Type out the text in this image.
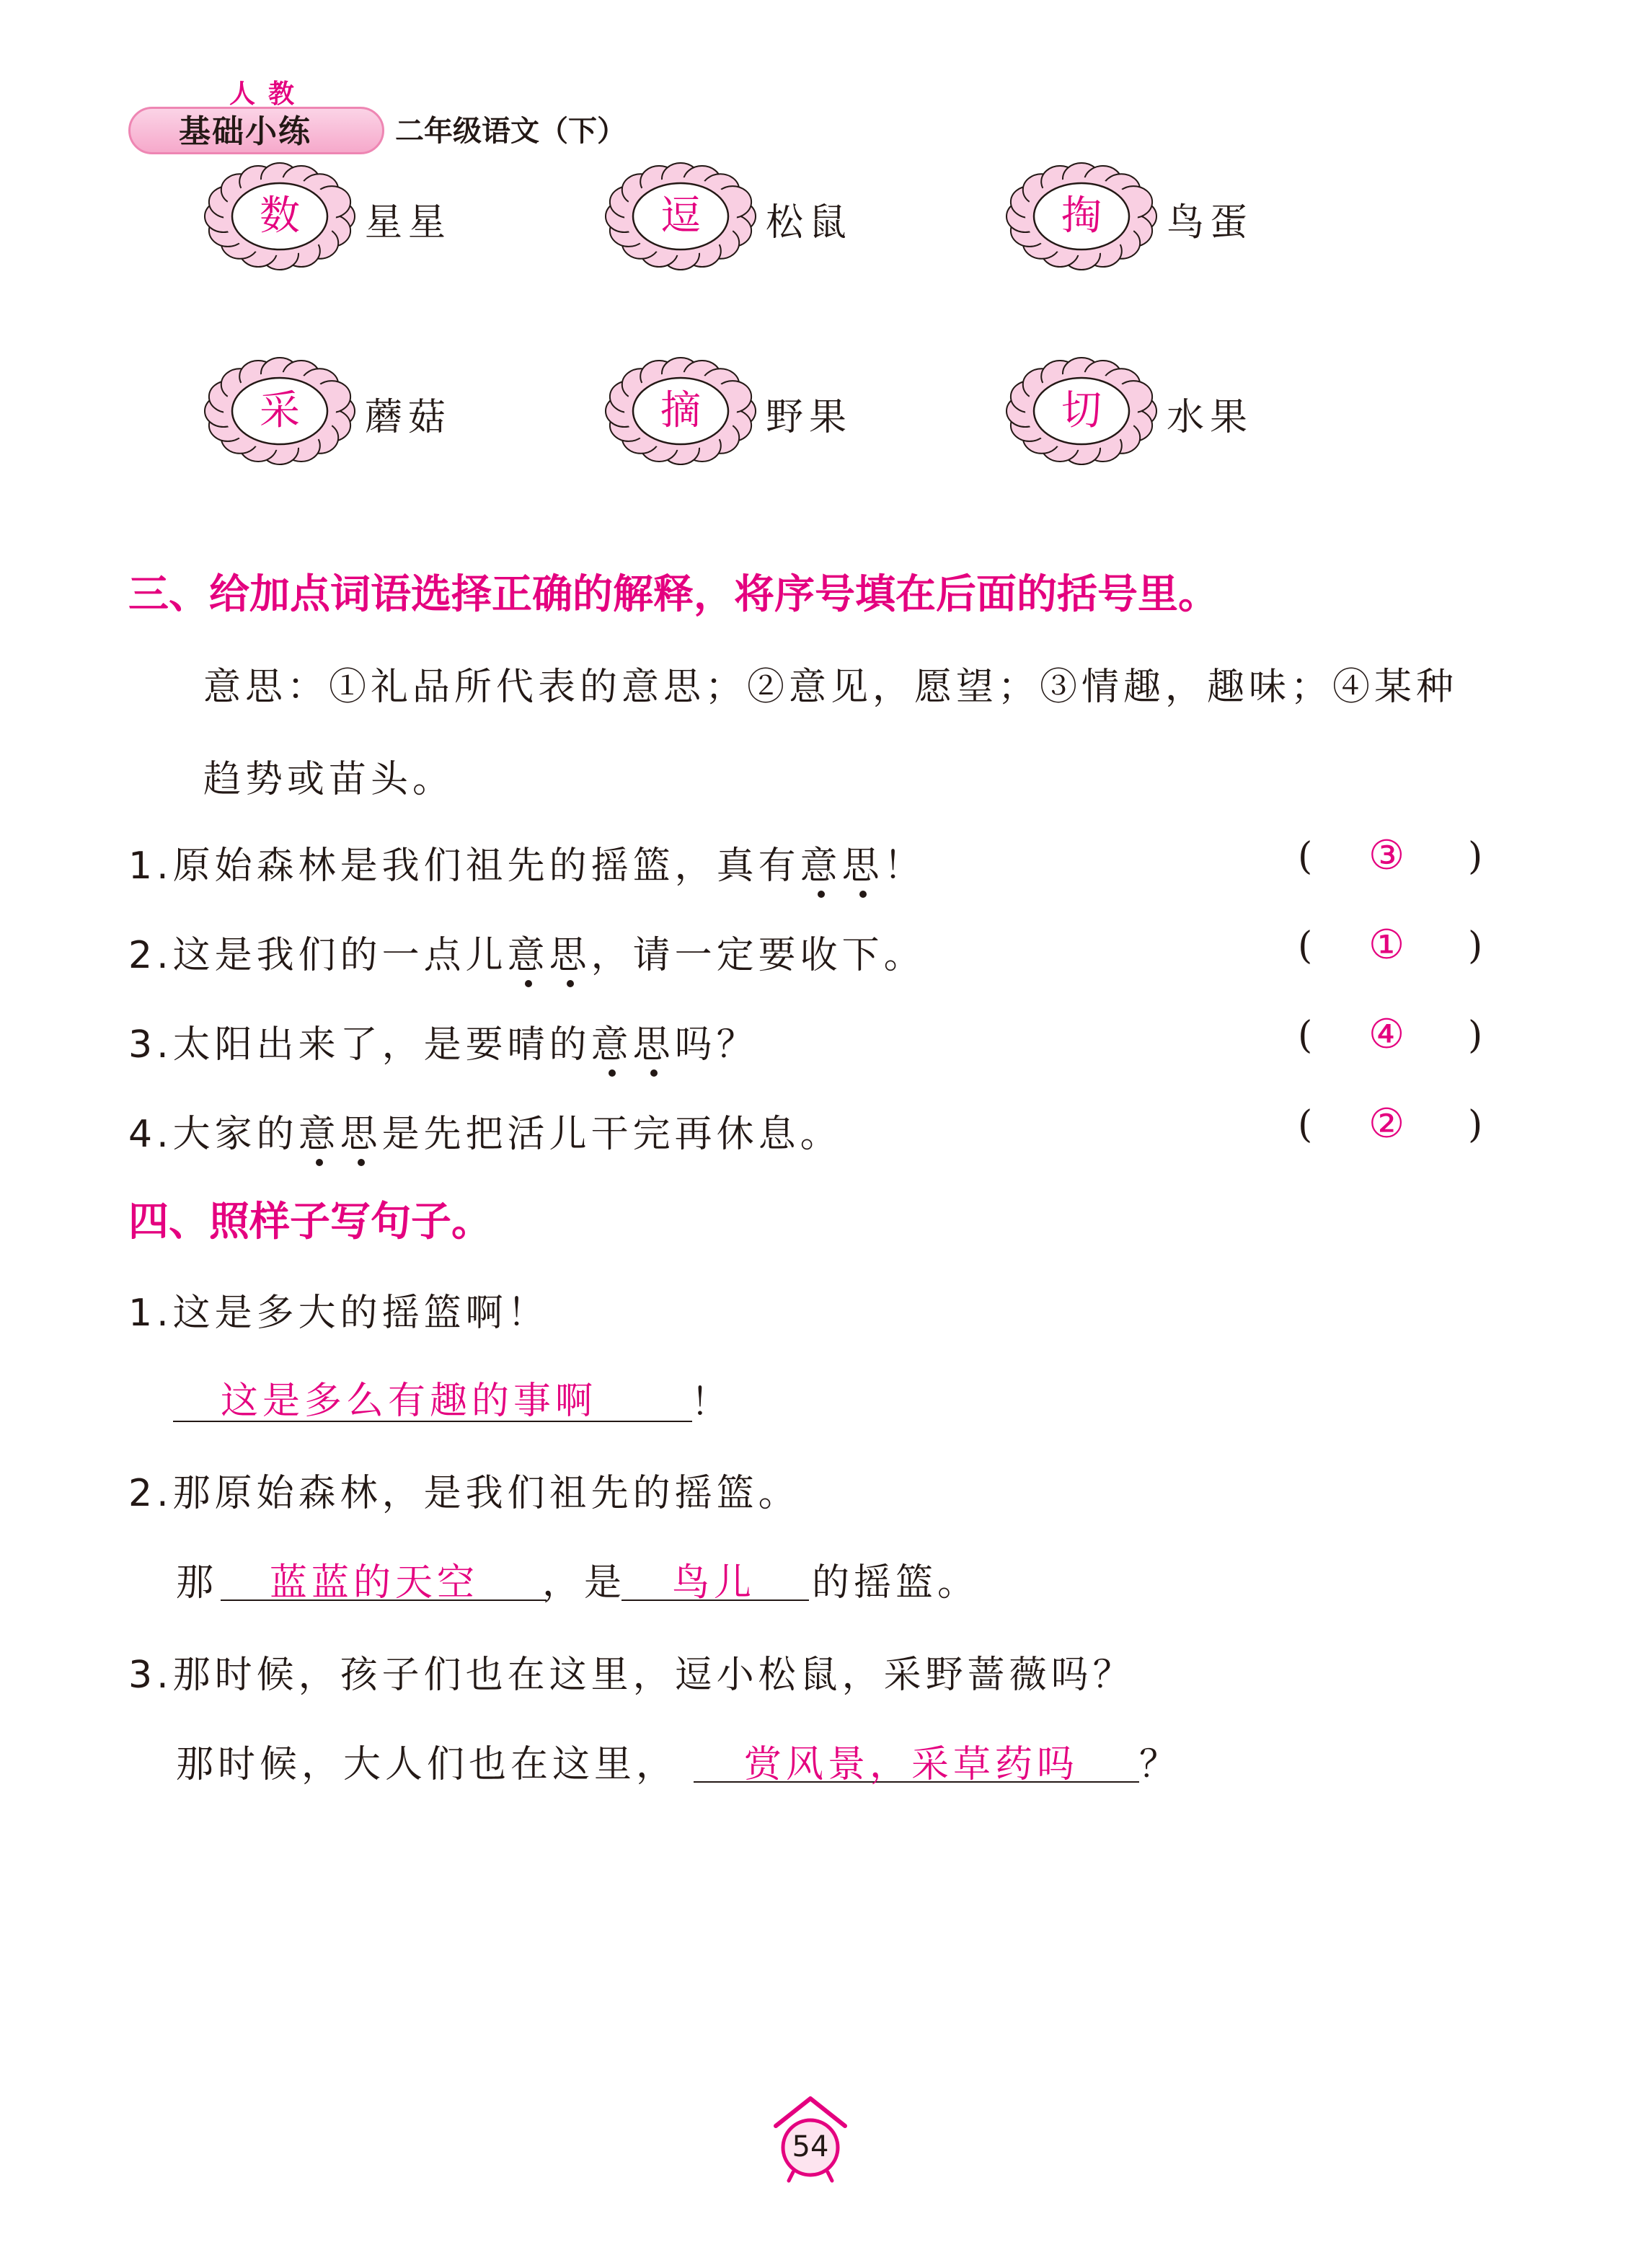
人教
基础小练	二年级语文（下）
数	星星	逗	松鼠	掏	鸟蛋
采	蘑菇	摘	野果	切	水果
三、给加点词语选择正确的解释，将序号填在后面的括号里。
意思：①礼品所代表的意思；②意见，愿望；③情趣，趣味；④某种
趋势或苗头。
1.原始森林是我们祖先的摇篮，真有意思！	( ③ )
2.这是我们的一点儿意思，请一定要收下。	( ① )
3.太阳出来了，是要晴的意思吗？	( ④ )
4.大家的意思是先把活儿干完再休息。	( ② )
四、照样子写句子。
1.这是多大的摇篮啊！
这是多么有趣的事啊 ！
2.那原始森林，是我们祖先的摇篮。
那 蓝蓝的天空 ，是 鸟儿 的摇篮。
3.那时候，孩子们也在这里，逗小松鼠，采野蔷薇吗？
那时候，大人们也在这里， 赏风景，采草药吗 ？
54
